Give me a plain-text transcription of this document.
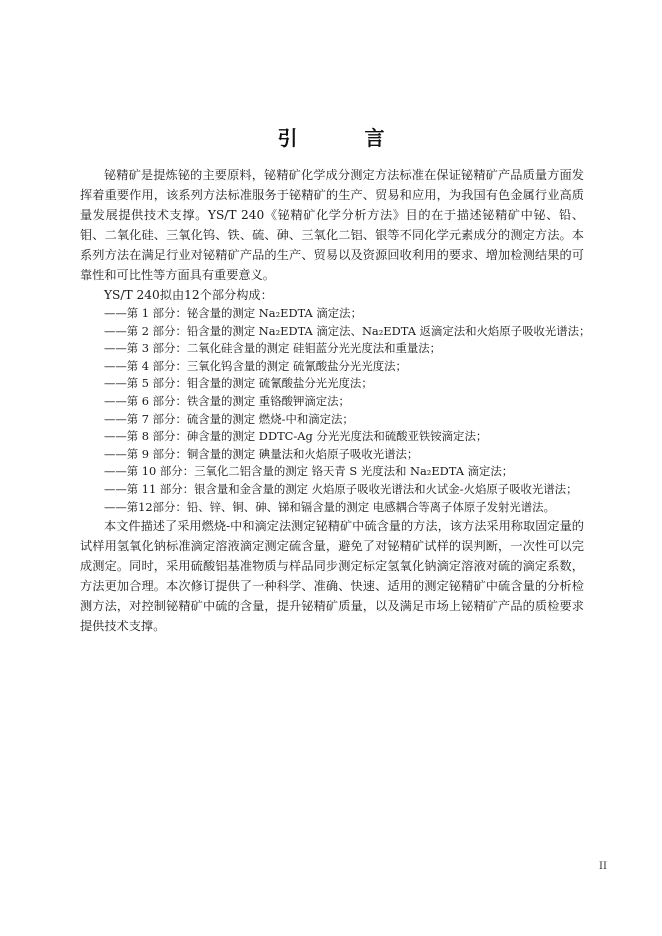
引 言

铋精矿是提炼铋的主要原料，铋精矿化学成分测定方法标准在保证铋精矿产品质量方面发挥着重要作用，该系列方法标准服务于铋精矿的生产、贸易和应用，为我国有色金属行业高质量发展提供技术支撑。YS/T 240《铋精矿化学分析方法》目的在于描述铋精矿中铋、铅、钼、二氧化硅、三氧化钨、铁、硫、砷、三氧化二铝、银等不同化学元素成分的测定方法。本系列方法在满足行业对铋精矿产品的生产、贸易以及资源回收利用的要求、增加检测结果的可靠性和可比性等方面具有重要意义。

YS/T 240拟由12个部分构成：

——第 1 部分：铋含量的测定 Na₂EDTA 滴定法；
——第 2 部分：铅含量的测定 Na₂EDTA 滴定法、Na₂EDTA 返滴定法和火焰原子吸收光谱法；
——第 3 部分：二氧化硅含量的测定 硅钼蓝分光光度法和重量法；
——第 4 部分：三氧化钨含量的测定 硫氰酸盐分光光度法；
——第 5 部分：钼含量的测定 硫氰酸盐分光光度法；
——第 6 部分：铁含量的测定 重铬酸钾滴定法；
——第 7 部分：硫含量的测定 燃烧-中和滴定法；
——第 8 部分：砷含量的测定 DDTC-Ag 分光光度法和硫酸亚铁铵滴定法；
——第 9 部分：铜含量的测定 碘量法和火焰原子吸收光谱法；
——第 10 部分：三氧化二铝含量的测定 铬天青 S 光度法和 Na₂EDTA 滴定法；
——第 11 部分：银含量和金含量的测定 火焰原子吸收光谱法和火试金-火焰原子吸收光谱法；
——第12部分：铅、锌、铜、砷、锑和镉含量的测定 电感耦合等离子体原子发射光谱法。

本文件描述了采用燃烧-中和滴定法测定铋精矿中硫含量的方法，该方法采用称取固定量的试样用氢氧化钠标准滴定溶液滴定测定硫含量，避免了对铋精矿试样的误判断，一次性可以完成测定。同时，采用硫酸铝基准物质与样品同步测定标定氢氧化钠滴定溶液对硫的滴定系数，方法更加合理。本次修订提供了一种科学、准确、快速、适用的测定铋精矿中硫含量的分析检测方法，对控制铋精矿中硫的含量，提升铋精矿质量，以及满足市场上铋精矿产品的质检要求提供技术支撑。

II
